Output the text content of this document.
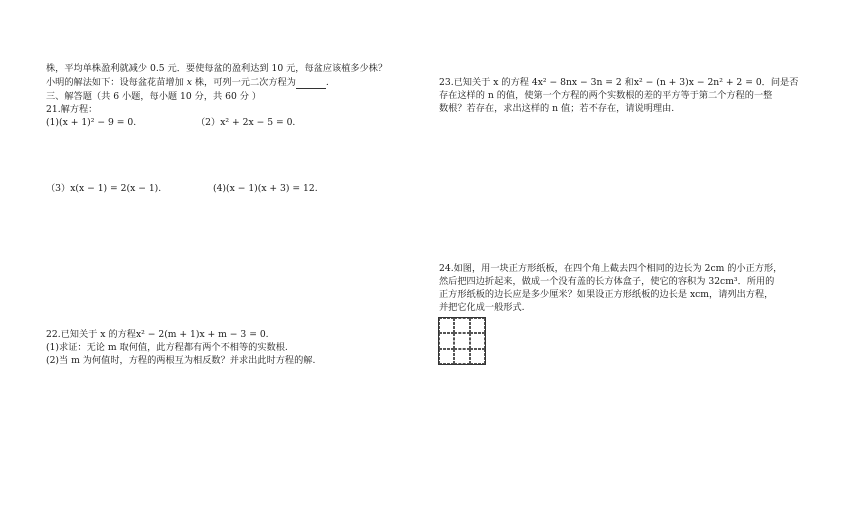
株，平均单株盈利就减少 0.5 元．要使每盆的盈利达到 10 元，每盆应该植多少株？
小明的解法如下：设每盆花苗增加 x 株，可列一元二次方程为	.
三、解答题（共 6 小题，每小题 10 分，共 60 分 ）
21.解方程：
(1)(x + 1)² − 9 = 0.	（2）x² + 2x − 5 = 0.
（3）x(x − 1) = 2(x − 1).	(4)(x − 1)(x + 3) = 12.
22.已知关于 x 的方程x² − 2(m + 1)x + m − 3 = 0.
(1)求证：无论 m 取何值，此方程都有两个不相等的实数根.
(2)当 m 为何值时，方程的两根互为相反数？并求出此时方程的解.
23.已知关于 x 的方程 4x² − 8nx − 3n = 2 和x² − (n + 3)x − 2n² + 2 = 0．问是否
存在这样的 n 的值，使第一个方程的两个实数根的差的平方等于第二个方程的一整
数根？若存在，求出这样的 n 值；若不存在，请说明理由.
24.如图，用一块正方形纸板，在四个角上截去四个相同的边长为 2cm 的小正方形，
然后把四边折起来，做成一个没有盖的长方体盒子，使它的容积为 32cm³．所用的
正方形纸板的边长应是多少厘米？如果设正方形纸板的边长是 xcm，请列出方程，
并把它化成一般形式.
